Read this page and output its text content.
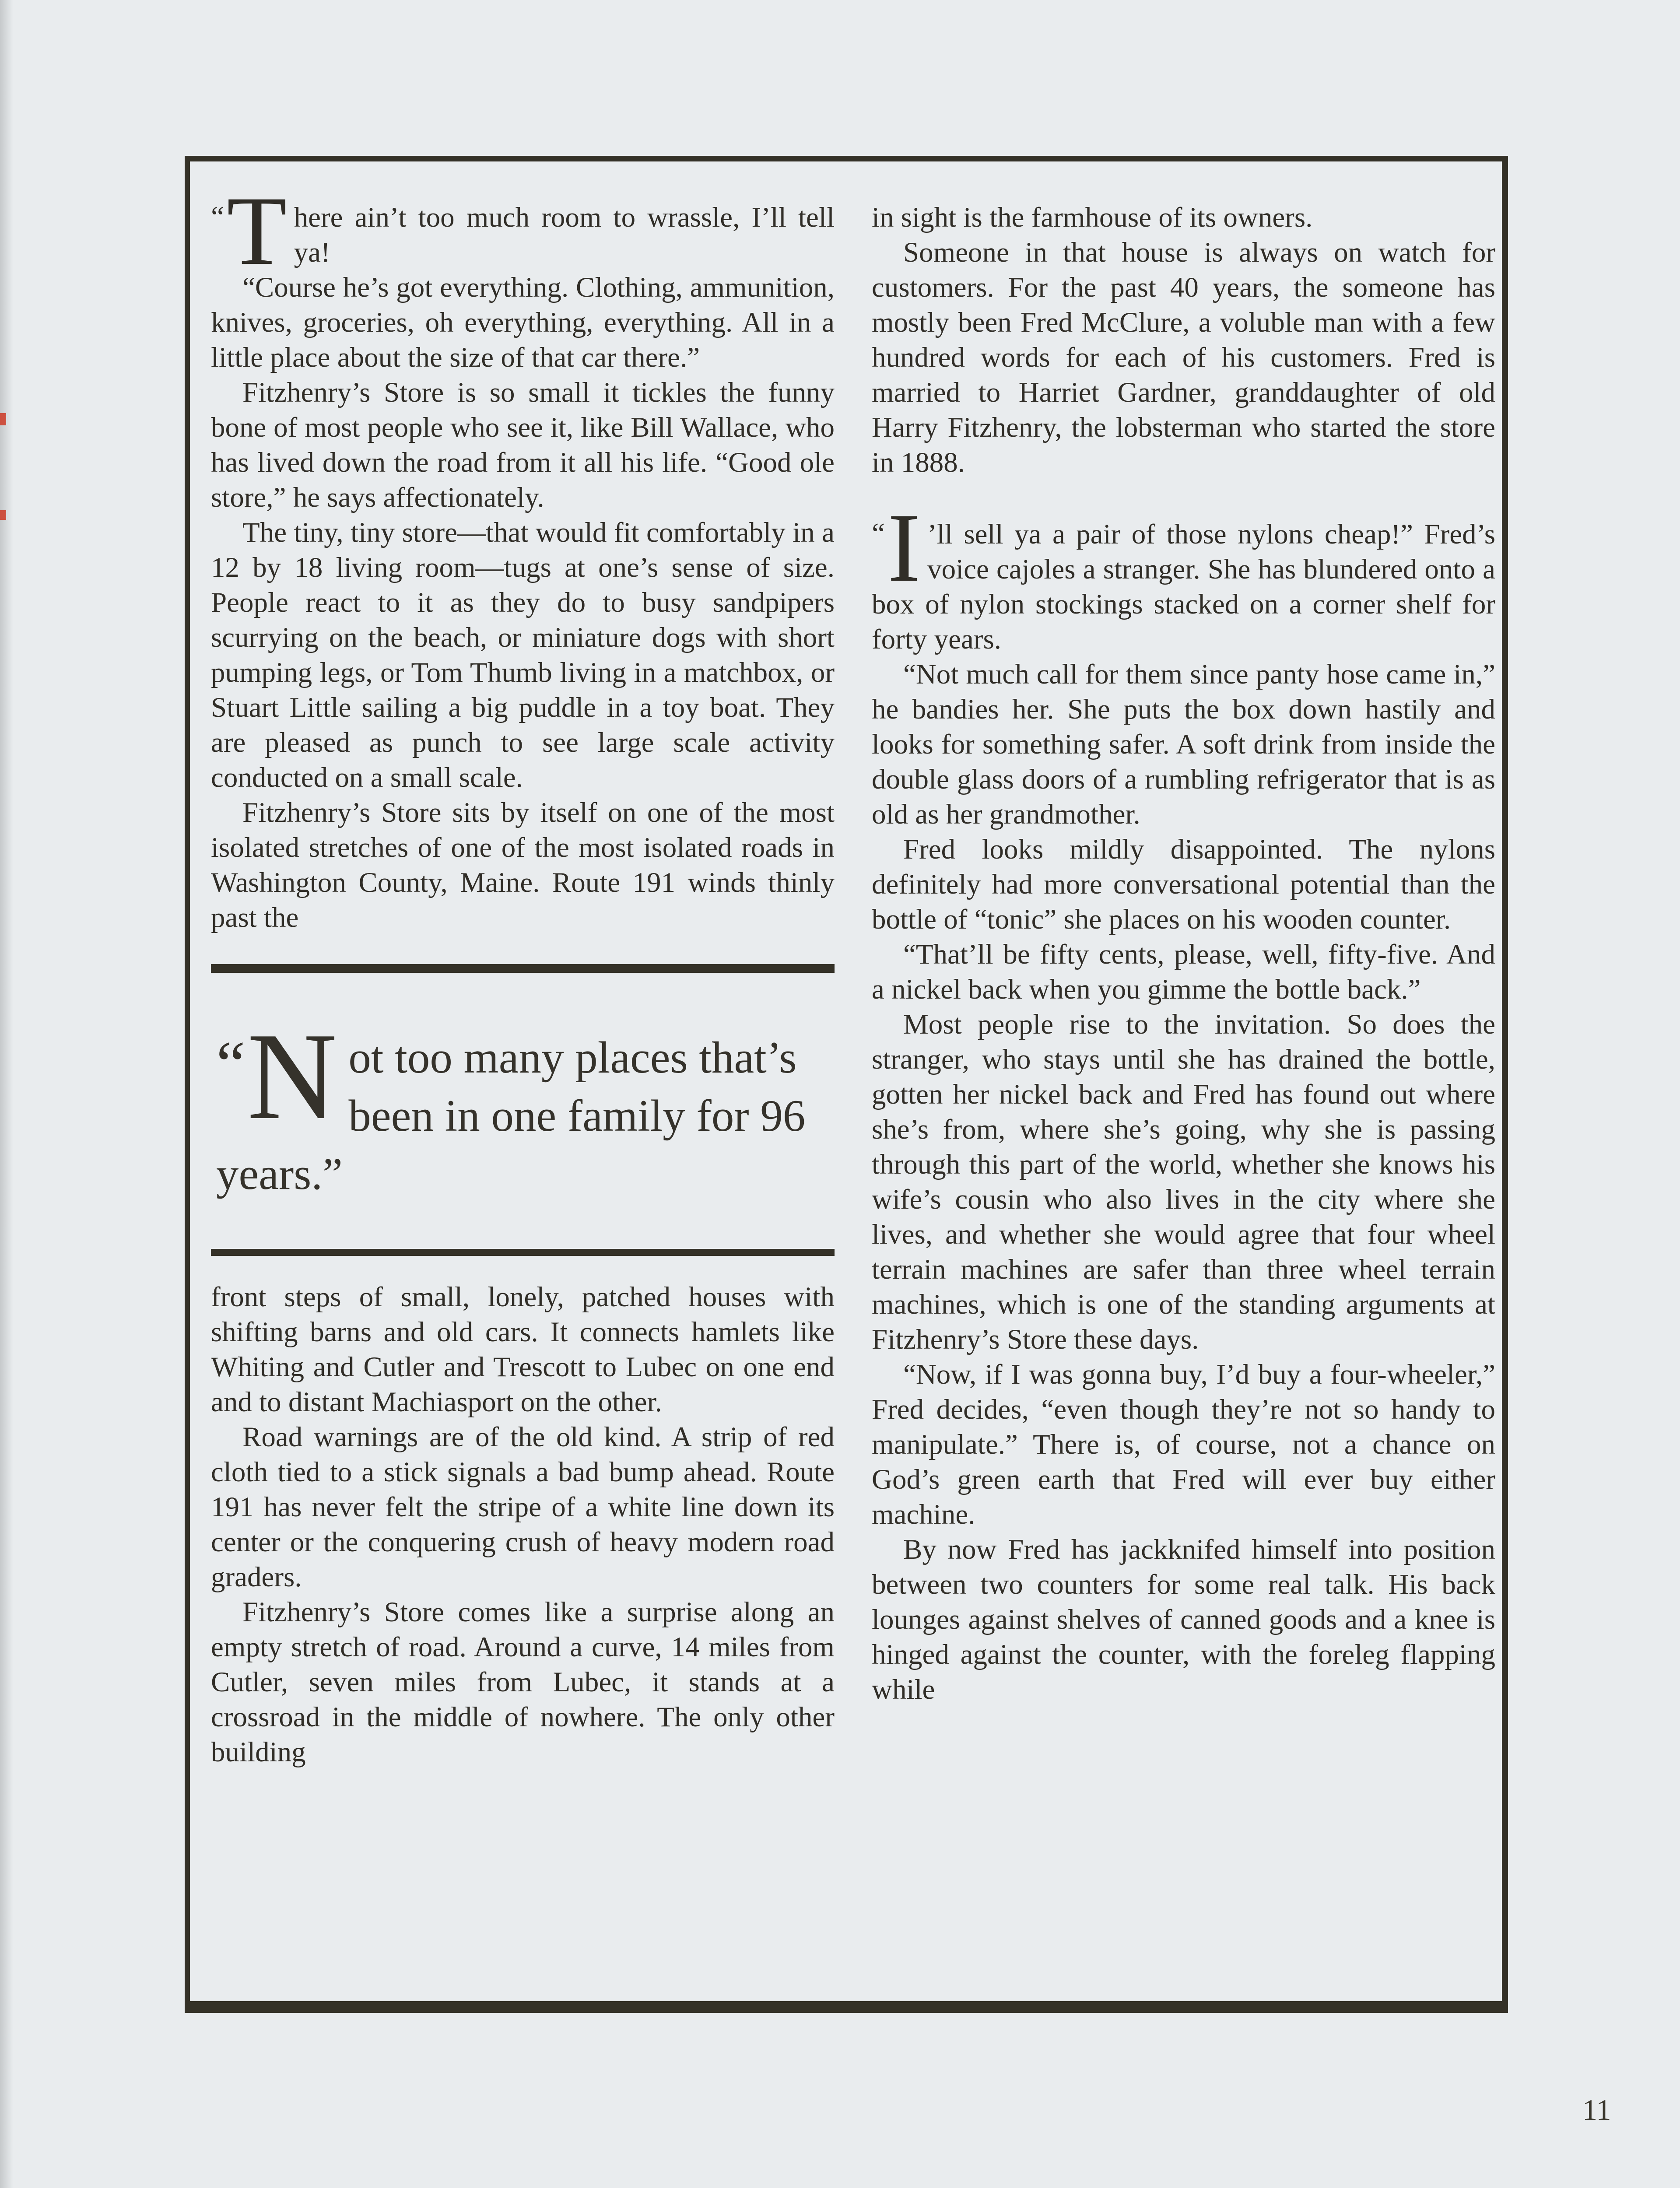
“ T here ain’t too much room to wrassle, I’ll tell ya!

“Course he’s got everything. Clothing, ammunition, knives, groceries, oh everything, everything. All in a little place about the size of that car there.”

Fitzhenry’s Store is so small it tickles the funny bone of most people who see it, like Bill Wallace, who has lived down the road from it all his life. “Good ole store,” he says affectionately.

The tiny, tiny store—that would fit comfortably in a 12 by 18 living room—tugs at one’s sense of size. People react to it as they do to busy sandpipers scurrying on the beach, or miniature dogs with short pumping legs, or Tom Thumb living in a matchbox, or Stuart Little sailing a big puddle in a toy boat. They are pleased as punch to see large scale activity conducted on a small scale.

Fitzhenry’s Store sits by itself on one of the most isolated stretches of one of the most isolated roads in Washington County, Maine. Route 191 winds thinly past the

“ N ot too many places that’s been in one family for 96 years.”

front steps of small, lonely, patched houses with shifting barns and old cars. It connects hamlets like Whiting and Cutler and Trescott to Lubec on one end and to distant Machiasport on the other.

Road warnings are of the old kind. A strip of red cloth tied to a stick signals a bad bump ahead. Route 191 has never felt the stripe of a white line down its center or the conquering crush of heavy modern road graders.

Fitzhenry’s Store comes like a surprise along an empty stretch of road. Around a curve, 14 miles from Cutler, seven miles from Lubec, it stands at a crossroad in the middle of nowhere. The only other building

in sight is the farmhouse of its owners.

Someone in that house is always on watch for customers. For the past 40 years, the someone has mostly been Fred McClure, a voluble man with a few hundred words for each of his customers. Fred is married to Harriet Gardner, granddaughter of old Harry Fitzhenry, the lobsterman who started the store in 1888.

“ I ’ll sell ya a pair of those nylons cheap!” Fred’s voice cajoles a stranger. She has blundered onto a box of nylon stockings stacked on a corner shelf for forty years.

“Not much call for them since panty hose came in,” he bandies her. She puts the box down hastily and looks for something safer. A soft drink from inside the double glass doors of a rumbling refrigerator that is as old as her grandmother.

Fred looks mildly disappointed. The nylons definitely had more conversational potential than the bottle of “tonic” she places on his wooden counter.

“That’ll be fifty cents, please, well, fifty-five. And a nickel back when you gimme the bottle back.”

Most people rise to the invitation. So does the stranger, who stays until she has drained the bottle, gotten her nickel back and Fred has found out where she’s from, where she’s going, why she is passing through this part of the world, whether she knows his wife’s cousin who also lives in the city where she lives, and whether she would agree that four wheel terrain machines are safer than three wheel terrain machines, which is one of the standing arguments at Fitzhenry’s Store these days.

“Now, if I was gonna buy, I’d buy a four-wheeler,” Fred decides, “even though they’re not so handy to manipulate.” There is, of course, not a chance on God’s green earth that Fred will ever buy either machine.

By now Fred has jackknifed himself into position between two counters for some real talk. His back lounges against shelves of canned goods and a knee is hinged against the counter, with the foreleg flapping while

11
